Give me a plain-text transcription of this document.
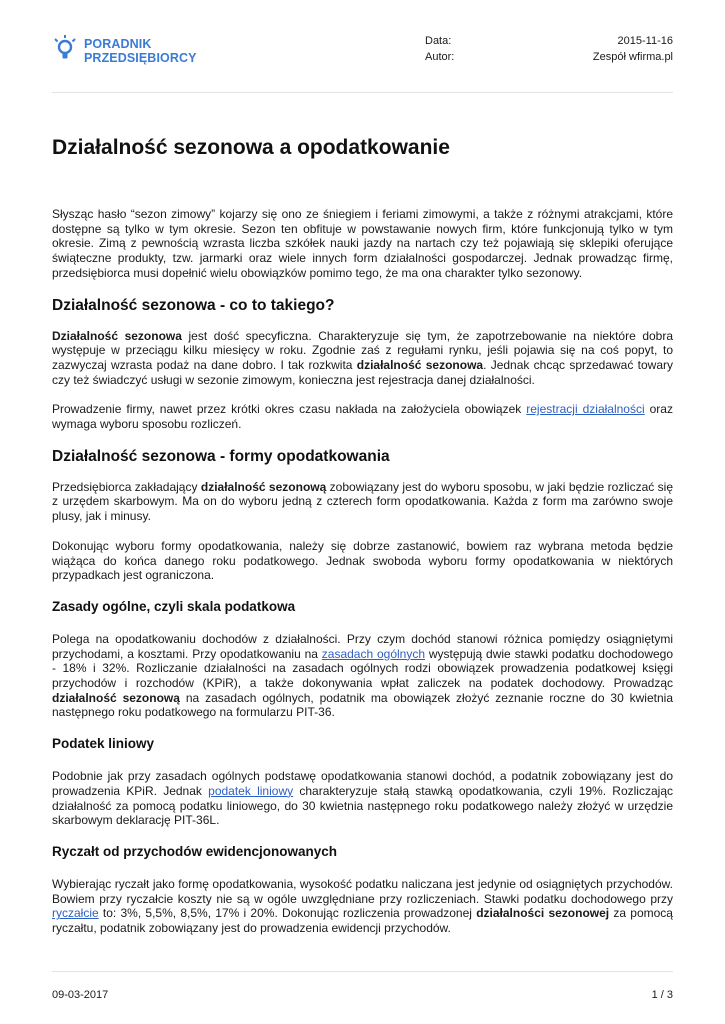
PORADNIK
PRZEDSIĘBIORCY
Data:	2015-11-16
Autor:	Zespół wfirma.pl
Działalność sezonowa a opodatkowanie

Słysząc hasło “sezon zimowy” kojarzy się ono ze śniegiem i feriami zimowymi, a także z różnymi atrakcjami, które dostępne są tylko w tym okresie. Sezon ten obfituje w powstawanie nowych firm, które funkcjonują tylko w tym okresie. Zimą z pewnością wzrasta liczba szkółek nauki jazdy na nartach czy też pojawiają się sklepiki oferujące świąteczne produkty, tzw. jarmarki oraz wiele innych form działalności gospodarczej. Jednak prowadząc firmę, przedsiębiorca musi dopełnić wielu obowiązków pomimo tego, że ma ona charakter tylko sezonowy.

Działalność sezonowa - co to takiego?

Działalność sezonowa jest dość specyficzna. Charakteryzuje się tym, że zapotrzebowanie na niektóre dobra występuje w przeciągu kilku miesięcy w roku. Zgodnie zaś z regułami rynku, jeśli pojawia się na coś popyt, to zazwyczaj wzrasta podaż na dane dobro. I tak rozkwita działalność sezonowa. Jednak chcąc sprzedawać towary czy też świadczyć usługi w sezonie zimowym, konieczna jest rejestracja danej działalności.

Prowadzenie firmy, nawet przez krótki okres czasu nakłada na założyciela obowiązek rejestracji działalności oraz wymaga wyboru sposobu rozliczeń.

Działalność sezonowa - formy opodatkowania

Przedsiębiorca zakładający działalność sezonową zobowiązany jest do wyboru sposobu, w jaki będzie rozliczać się z urzędem skarbowym. Ma on do wyboru jedną z czterech form opodatkowania. Każda z form ma zarówno swoje plusy, jak i minusy.

Dokonując wyboru formy opodatkowania, należy się dobrze zastanowić, bowiem raz wybrana metoda będzie wiążąca do końca danego roku podatkowego. Jednak swoboda wyboru formy opodatkowania w niektórych przypadkach jest ograniczona.

Zasady ogólne, czyli skala podatkowa

Polega na opodatkowaniu dochodów z działalności. Przy czym dochód stanowi różnica pomiędzy osiągniętymi przychodami, a kosztami. Przy opodatkowaniu na zasadach ogólnych występują dwie stawki podatku dochodowego - 18% i 32%. Rozliczanie działalności na zasadach ogólnych rodzi obowiązek prowadzenia podatkowej księgi przychodów i rozchodów (KPiR), a także dokonywania wpłat zaliczek na podatek dochodowy. Prowadząc działalność sezonową na zasadach ogólnych, podatnik ma obowiązek złożyć zeznanie roczne do 30 kwietnia następnego roku podatkowego na formularzu PIT-36.

Podatek liniowy

Podobnie jak przy zasadach ogólnych podstawę opodatkowania stanowi dochód, a podatnik zobowiązany jest do prowadzenia KPiR. Jednak podatek liniowy charakteryzuje stałą stawką opodatkowania, czyli 19%. Rozliczając działalność za pomocą podatku liniowego, do 30 kwietnia następnego roku podatkowego należy złożyć w urzędzie skarbowym deklarację PIT-36L.

Ryczałt od przychodów ewidencjonowanych

Wybierając ryczałt jako formę opodatkowania, wysokość podatku naliczana jest jedynie od osiągniętych przychodów. Bowiem przy ryczałcie koszty nie są w ogóle uwzględniane przy rozliczeniach. Stawki podatku dochodowego przy ryczałcie to: 3%, 5,5%, 8,5%, 17% i 20%. Dokonując rozliczenia prowadzonej działalności sezonowej za pomocą ryczałtu, podatnik zobowiązany jest do prowadzenia ewidencji przychodów.

09-03-2017	1 / 3
